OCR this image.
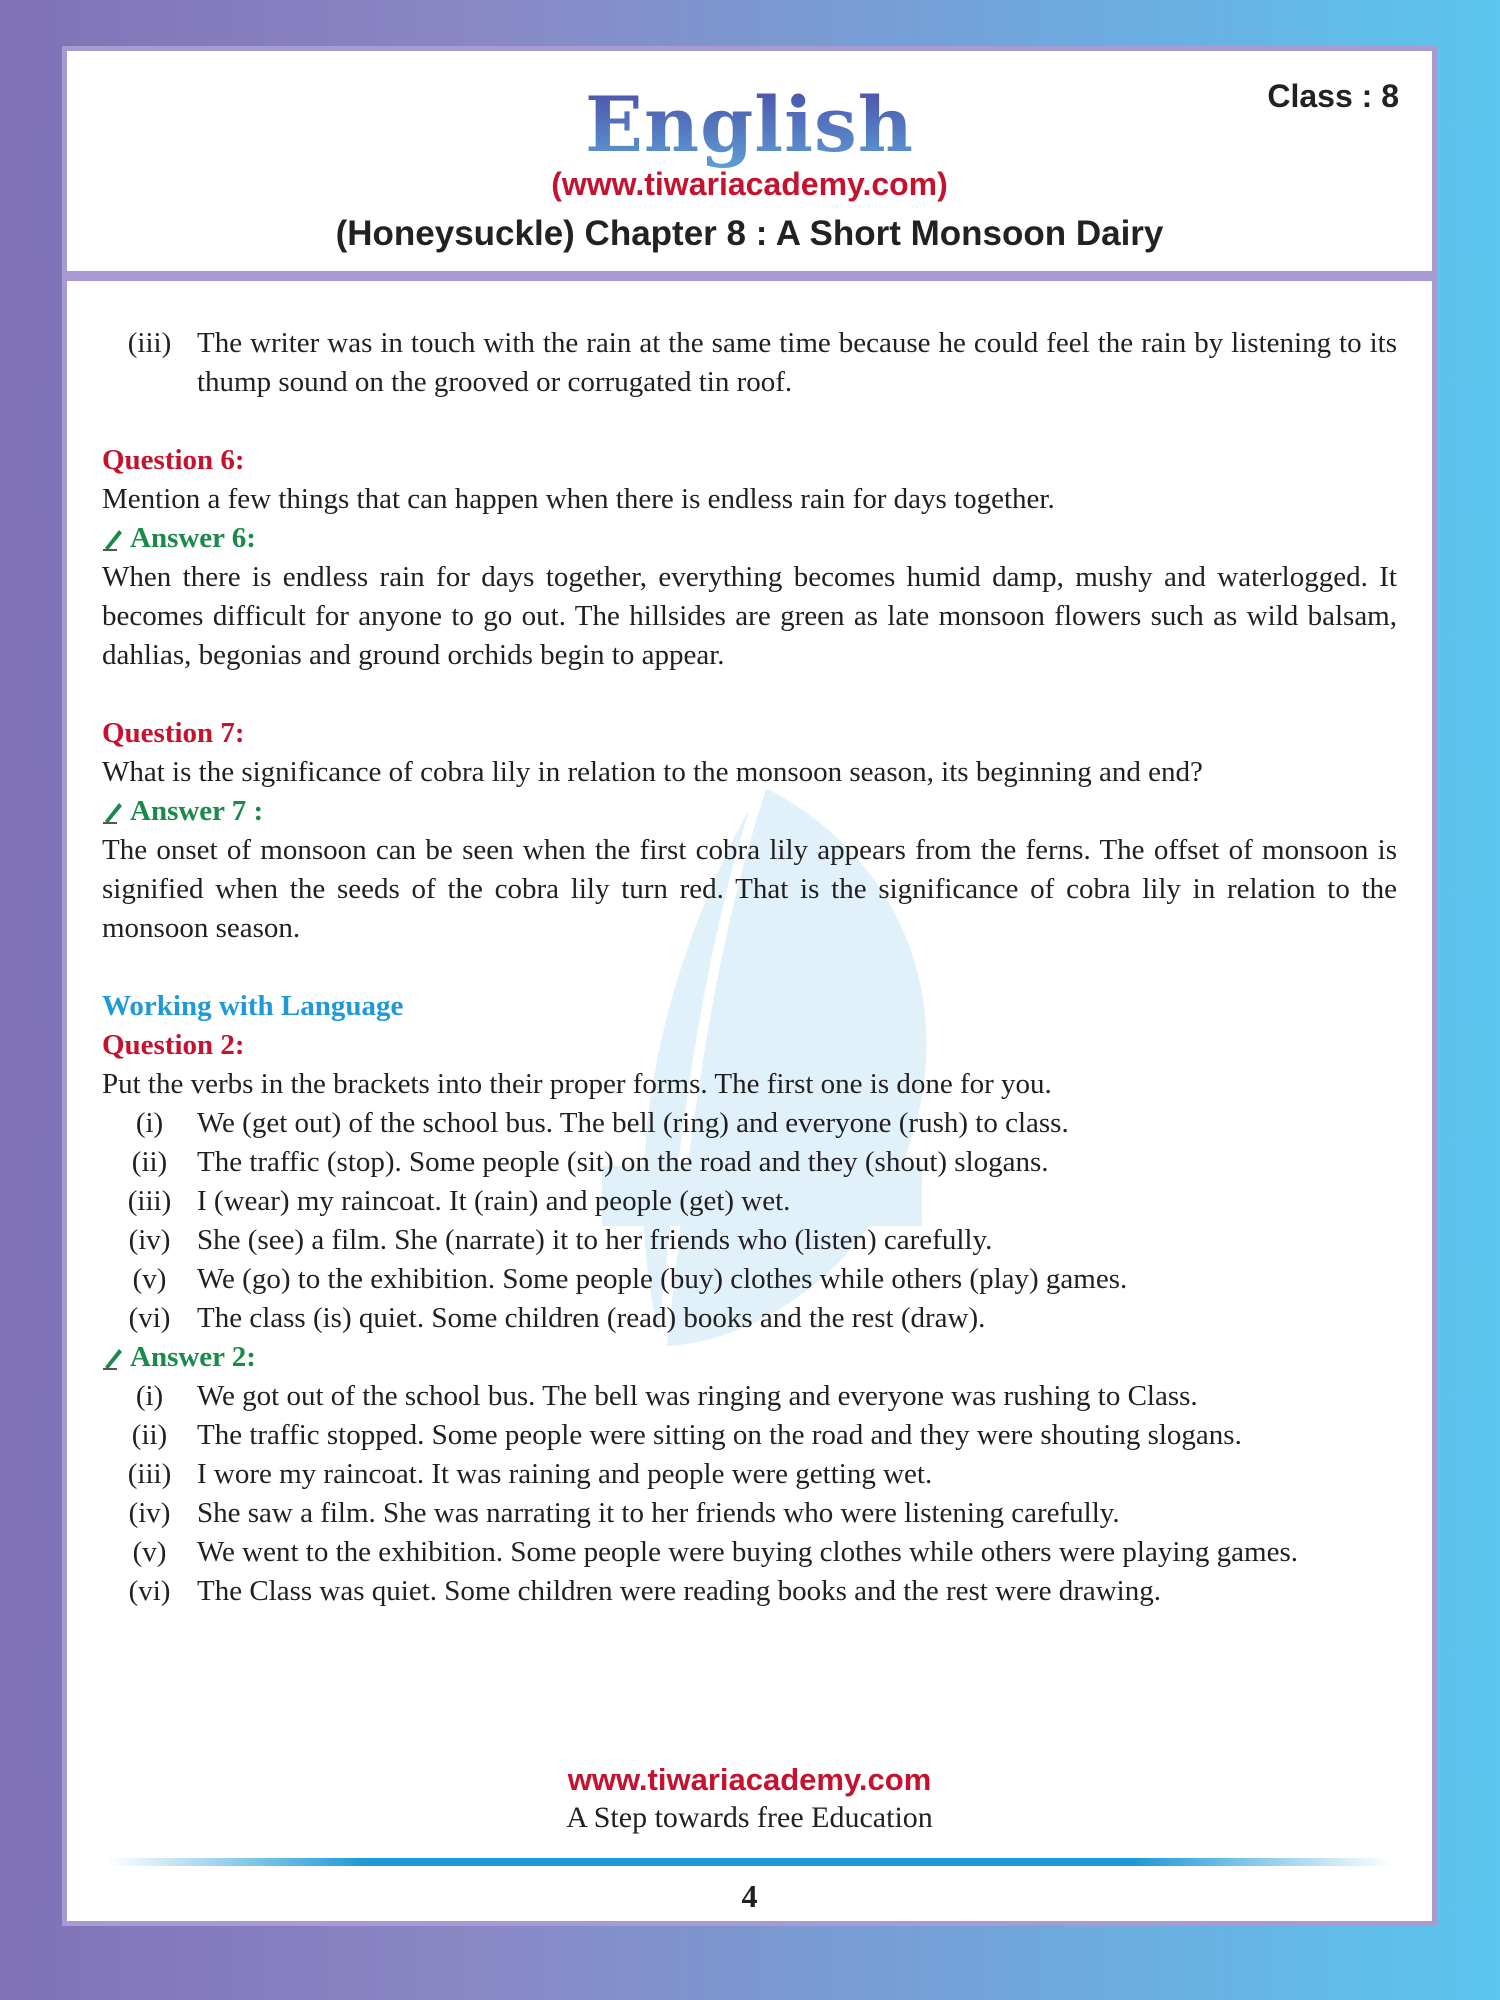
English	Class : 8
(www.tiwariacademy.com)
(Honeysuckle) Chapter 8 : A Short Monsoon Dairy
(iii) The writer was in touch with the rain at the same time because he could feel the rain by listening to its thump sound on the grooved or corrugated tin roof.

Question 6:

Mention a few things that can happen when there is endless rain for days together.

Answer 6:

When there is endless rain for days together, everything becomes humid damp, mushy and waterlogged. It becomes difficult for anyone to go out. The hillsides are green as late monsoon flowers such as wild balsam, dahlias, begonias and ground orchids begin to appear.

Question 7:

What is the significance of cobra lily in relation to the monsoon season, its beginning and end?

Answer 7 :

The onset of monsoon can be seen when the first cobra lily appears from the ferns. The offset of monsoon is signified when the seeds of the cobra lily turn red. That is the significance of cobra lily in relation to the monsoon season.

Working with Language

Question 2:

Put the verbs in the brackets into their proper forms. The first one is done for you.

(i)	We (get out) of the school bus. The bell (ring) and everyone (rush) to class.
(ii)	The traffic (stop). Some people (sit) on the road and they (shout) slogans.
(iii) I (wear) my raincoat. It (rain) and people (get) wet.
(iv) She (see) a film. She (narrate) it to her friends who (listen) carefully.
(v)	We (go) to the exhibition. Some people (buy) clothes while others (play) games.
(vi) The class (is) quiet. Some children (read) books and the rest (draw).
Answer 2:
(i)	We got out of the school bus. The bell was ringing and everyone was rushing to Class.
(ii)	The traffic stopped. Some people were sitting on the road and they were shouting slogans.
(iii) I wore my raincoat. It was raining and people were getting wet.
(iv) She saw a film. She was narrating it to her friends who were listening carefully.
(v)	We went to the exhibition. Some people were buying clothes while others were playing games.
(vi) The Class was quiet. Some children were reading books and the rest were drawing.
www.tiwariacademy.com
A Step towards free Education
4
